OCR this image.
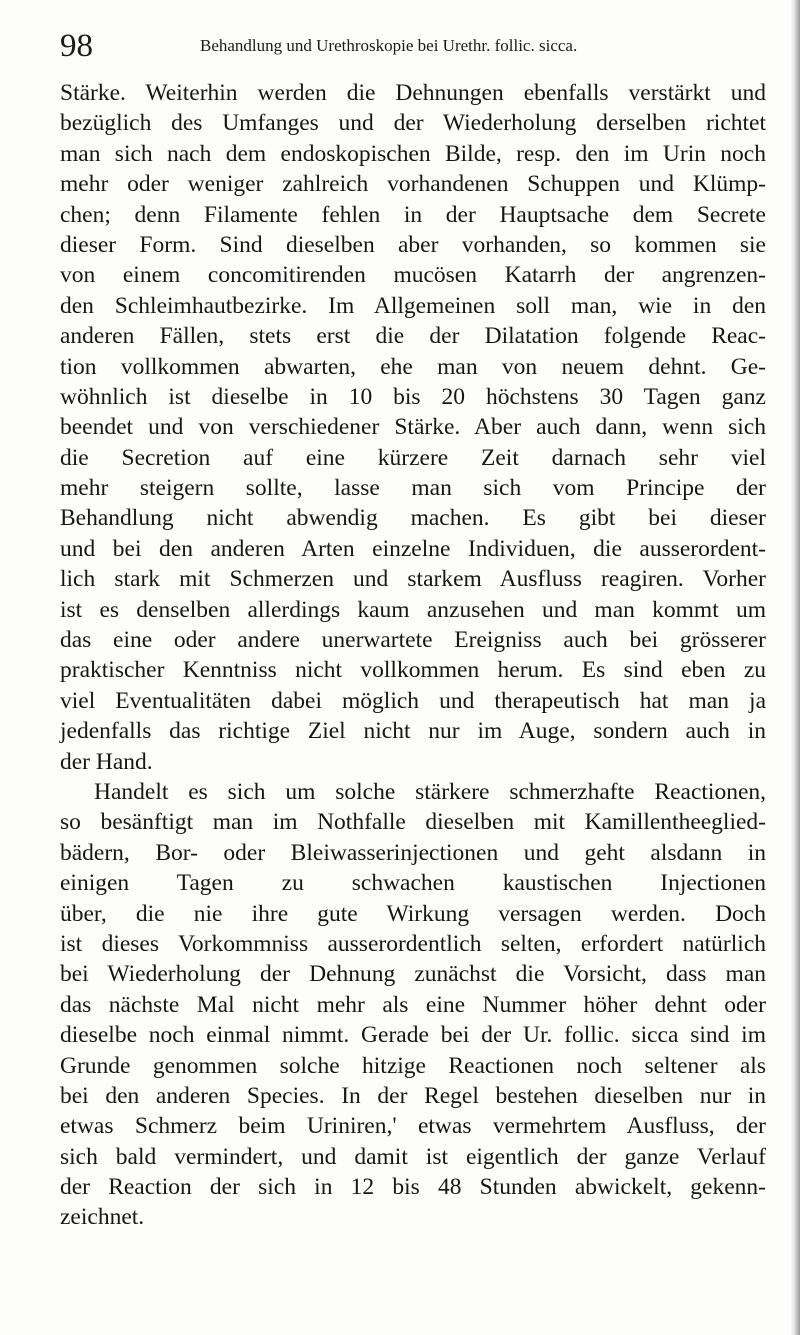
98	Behandlung und Urethroskopie bei Urethr. follic. sicca.
Stärke. Weiterhin werden die Dehnungen ebenfalls verstärkt und
bezüglich des Umfanges und der Wiederholung derselben richtet
man sich nach dem endoskopischen Bilde, resp. den im Urin noch
mehr oder weniger zahlreich vorhandenen Schuppen und Klümp-
chen; denn Filamente fehlen in der Hauptsache dem Secrete
dieser Form. Sind dieselben aber vorhanden, so kommen sie
von einem concomitirenden mucösen Katarrh der angrenzen-
den Schleimhautbezirke. Im Allgemeinen soll man, wie in den
anderen Fällen, stets erst die der Dilatation folgende Reac-
tion vollkommen abwarten, ehe man von neuem dehnt. Ge-
wöhnlich ist dieselbe in 10 bis 20 höchstens 30 Tagen ganz
beendet und von verschiedener Stärke. Aber auch dann, wenn sich
die Secretion auf eine kürzere Zeit darnach sehr viel
mehr steigern sollte, lasse man sich vom Principe der
Behandlung nicht abwendig machen. Es gibt bei dieser
und bei den anderen Arten einzelne Individuen, die ausserordent-
lich stark mit Schmerzen und starkem Ausfluss reagiren. Vorher
ist es denselben allerdings kaum anzusehen und man kommt um
das eine oder andere unerwartete Ereigniss auch bei grösserer
praktischer Kenntniss nicht vollkommen herum. Es sind eben zu
viel Eventualitäten dabei möglich und therapeutisch hat man ja
jedenfalls das richtige Ziel nicht nur im Auge, sondern auch in
der Hand.
Handelt es sich um solche stärkere schmerzhafte Reactionen,
so besänftigt man im Nothfalle dieselben mit Kamillentheeglied-
bädern, Bor- oder Bleiwasserinjectionen und geht alsdann in
einigen Tagen zu schwachen kaustischen Injectionen
über, die nie ihre gute Wirkung versagen werden. Doch
ist dieses Vorkommniss ausserordentlich selten, erfordert natürlich
bei Wiederholung der Dehnung zunächst die Vorsicht, dass man
das nächste Mal nicht mehr als eine Nummer höher dehnt oder
dieselbe noch einmal nimmt. Gerade bei der Ur. follic. sicca sind im
Grunde genommen solche hitzige Reactionen noch seltener als
bei den anderen Species. In der Regel bestehen dieselben nur in
etwas Schmerz beim Uriniren,' etwas vermehrtem Ausfluss, der
sich bald vermindert, und damit ist eigentlich der ganze Verlauf
der Reaction der sich in 12 bis 48 Stunden abwickelt, gekenn-
zeichnet.
